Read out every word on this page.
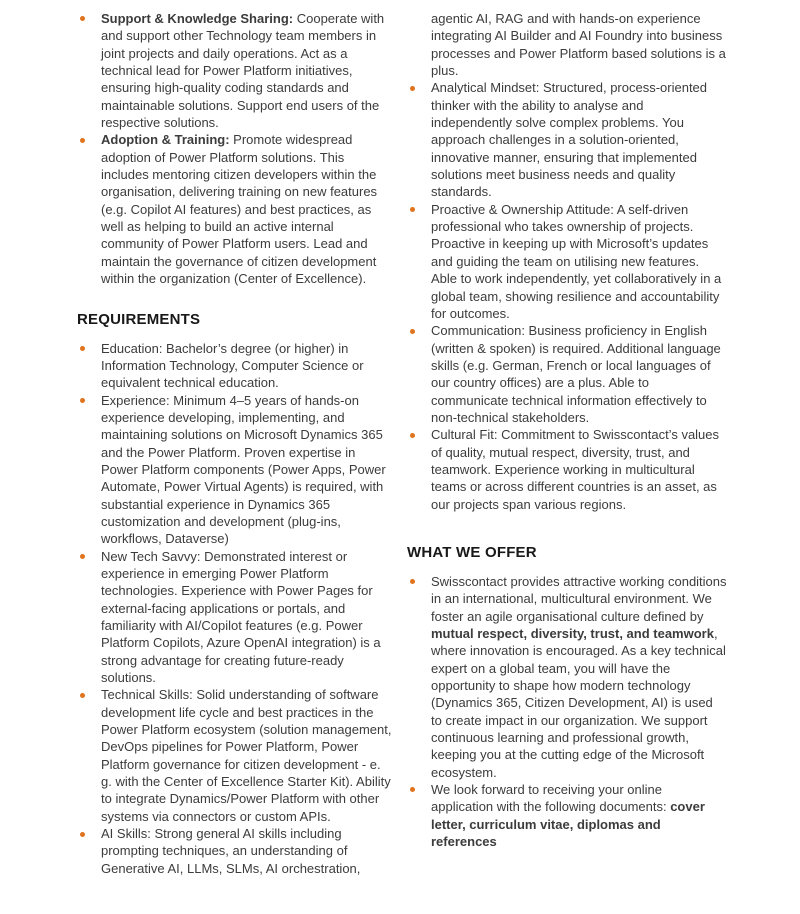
Support & Knowledge Sharing: Cooperate with and support other Technology team members in joint projects and daily operations. Act as a technical lead for Power Platform initiatives, ensuring high-quality coding standards and maintainable solutions. Support end users of the respective solutions.
Adoption & Training: Promote widespread adoption of Power Platform solutions. This includes mentoring citizen developers within the organisation, delivering training on new features (e.g. Copilot AI features) and best practices, as well as helping to build an active internal community of Power Platform users. Lead and maintain the governance of citizen development within the organization (Center of Excellence).
REQUIREMENTS
Education: Bachelor’s degree (or higher) in Information Technology, Computer Science or equivalent technical education.
Experience: Minimum 4–5 years of hands-on experience developing, implementing, and maintaining solutions on Microsoft Dynamics 365 and the Power Platform. Proven expertise in Power Platform components (Power Apps, Power Automate, Power Virtual Agents) is required, with substantial experience in Dynamics 365 customization and development (plug-ins, workflows, Dataverse)
New Tech Savvy: Demonstrated interest or experience in emerging Power Platform technologies. Experience with Power Pages for external-facing applications or portals, and familiarity with AI/Copilot features (e.g. Power Platform Copilots, Azure OpenAI integration) is a strong advantage for creating future-ready solutions.
Technical Skills: Solid understanding of software development life cycle and best practices in the Power Platform ecosystem (solution management, DevOps pipelines for Power Platform, Power Platform governance for citizen development - e. g. with the Center of Excellence Starter Kit). Ability to integrate Dynamics/Power Platform with other systems via connectors or custom APIs.
AI Skills: Strong general AI skills including prompting techniques, an understanding of Generative AI, LLMs, SLMs, AI orchestration,
agentic AI, RAG and with hands-on experience integrating AI Builder and AI Foundry into business processes and Power Platform based solutions is a plus.
Analytical Mindset: Structured, process-oriented thinker with the ability to analyse and independently solve complex problems. You approach challenges in a solution-oriented, innovative manner, ensuring that implemented solutions meet business needs and quality standards.
Proactive & Ownership Attitude: A self-driven professional who takes ownership of projects. Proactive in keeping up with Microsoft’s updates and guiding the team on utilising new features. Able to work independently, yet collaboratively in a global team, showing resilience and accountability for outcomes.
Communication: Business proficiency in English (written & spoken) is required. Additional language skills (e.g. German, French or local languages of our country offices) are a plus. Able to communicate technical information effectively to non-technical stakeholders.
Cultural Fit: Commitment to Swisscontact’s values of quality, mutual respect, diversity, trust, and teamwork. Experience working in multicultural teams or across different countries is an asset, as our projects span various regions.
WHAT WE OFFER
Swisscontact provides attractive working conditions in an international, multicultural environment. We foster an agile organisational culture defined by mutual respect, diversity, trust, and teamwork, where innovation is encouraged. As a key technical expert on a global team, you will have the opportunity to shape how modern technology (Dynamics 365, Citizen Development, AI) is used to create impact in our organization. We support continuous learning and professional growth, keeping you at the cutting edge of the Microsoft ecosystem.
We look forward to receiving your online application with the following documents: cover letter, curriculum vitae, diplomas and references
